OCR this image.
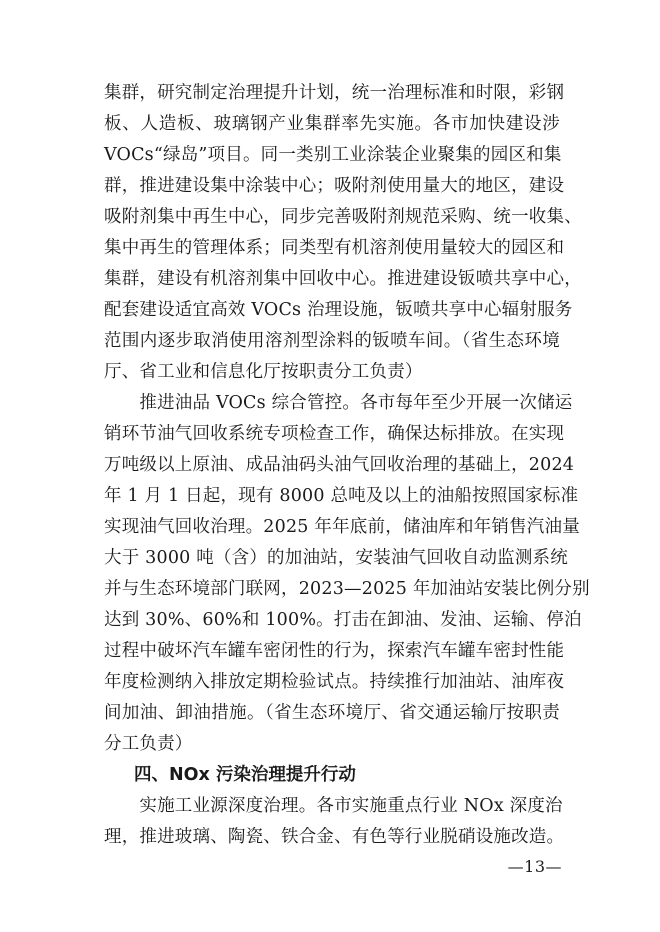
集群，研究制定治理提升计划，统一治理标准和时限，彩钢

板、人造板、玻璃钢产业集群率先实施。各市加快建设涉

VOCs“绿岛”项目。同一类别工业涂装企业聚集的园区和集

群，推进建设集中涂装中心；吸附剂使用量大的地区，建设

吸附剂集中再生中心，同步完善吸附剂规范采购、统一收集、

集中再生的管理体系；同类型有机溶剂使用量较大的园区和

集群，建设有机溶剂集中回收中心。推进建设钣喷共享中心，

配套建设适宜高效 VOCs 治理设施，钣喷共享中心辐射服务

范围内逐步取消使用溶剂型涂料的钣喷车间。（省生态环境

厅、省工业和信息化厅按职责分工负责）

　　推进油品 VOCs 综合管控。各市每年至少开展一次储运

销环节油气回收系统专项检查工作，确保达标排放。在实现

万吨级以上原油、成品油码头油气回收治理的基础上，2024

年 1 月 1 日起，现有 8000 总吨及以上的油船按照国家标准

实现油气回收治理。2025 年年底前，储油库和年销售汽油量

大于 3000 吨（含）的加油站，安装油气回收自动监测系统

并与生态环境部门联网，2023—2025 年加油站安装比例分别

达到 30%、60%和 100%。打击在卸油、发油、运输、停泊

过程中破坏汽车罐车密闭性的行为，探索汽车罐车密封性能

年度检测纳入排放定期检验试点。持续推行加油站、油库夜

间加油、卸油措施。（省生态环境厅、省交通运输厅按职责

分工负责）

四、NOx 污染治理提升行动

　　实施工业源深度治理。各市实施重点行业 NOx 深度治

理，推进玻璃、陶瓷、铁合金、有色等行业脱硝设施改造。

—13—
